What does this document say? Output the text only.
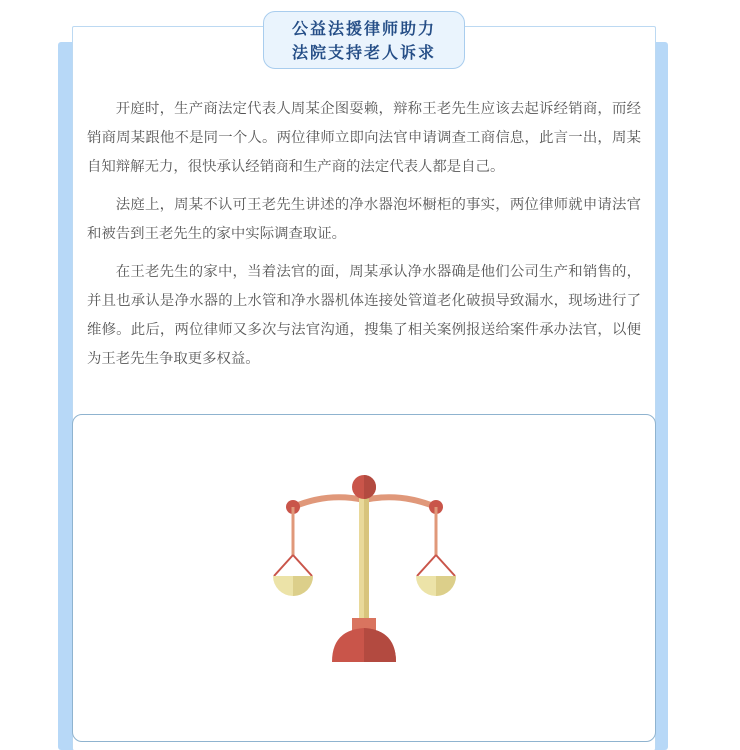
公益法援律师助力
法院支持老人诉求

开庭时，生产商法定代表人周某企图耍赖，辩称王老先生应该去起诉经销商，而经销商周某跟他不是同一个人。两位律师立即向法官申请调查工商信息，此言一出，周某自知辩解无力，很快承认经销商和生产商的法定代表人都是自己。

法庭上，周某不认可王老先生讲述的净水器泡坏橱柜的事实，两位律师就申请法官和被告到王老先生的家中实际调查取证。

在王老先生的家中，当着法官的面，周某承认净水器确是他们公司生产和销售的，并且也承认是净水器的上水管和净水器机体连接处管道老化破损导致漏水，现场进行了维修。此后，两位律师又多次与法官沟通，搜集了相关案例报送给案件承办法官，以便为王老先生争取更多权益。
